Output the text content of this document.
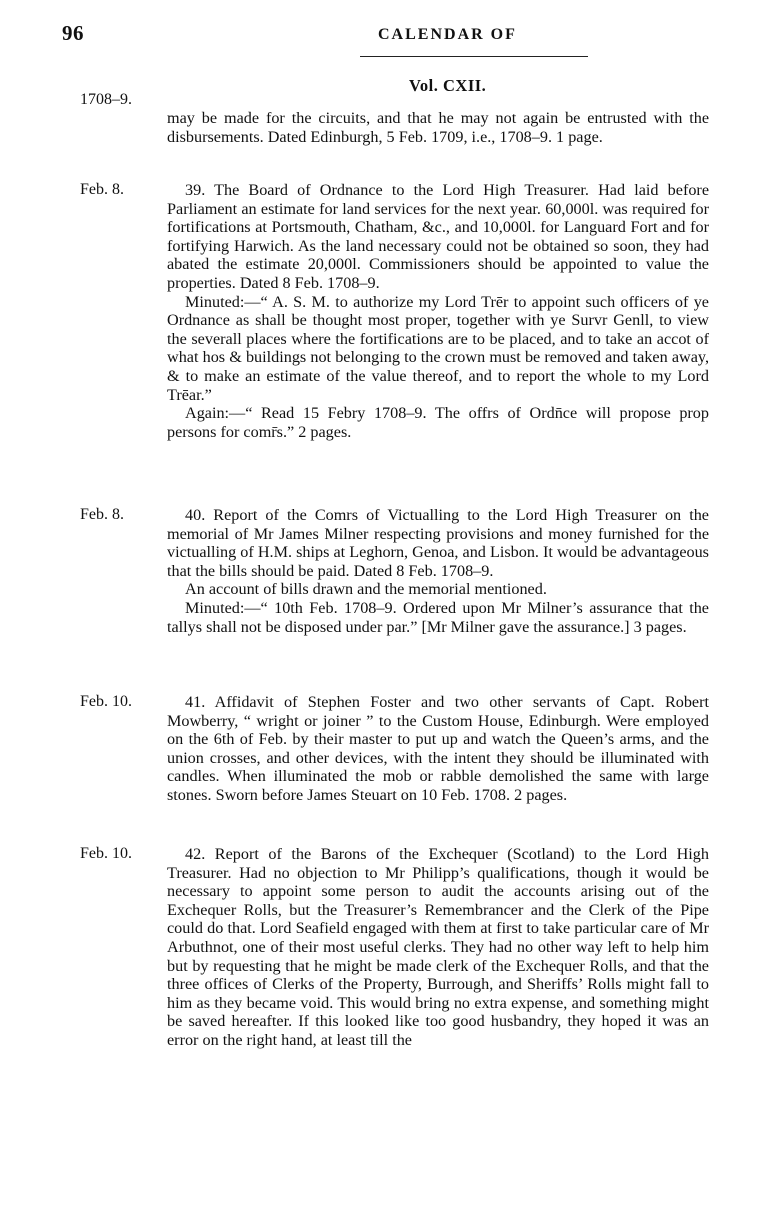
96	CALENDAR OF
Vol. CXII.
1708–9.

may be made for the circuits, and that he may not again be entrusted with the disbursements. Dated Edinburgh, 5 Feb. 1709, i.e., 1708–9. 1 page.

Feb. 8.	39. The Board of Ordnance to the Lord High Treasurer. Had laid before Parliament an estimate for land services for the next year. 60,000l. was required for fortifications at Portsmouth, Chatham, &c., and 10,000l. for Languard Fort and for fortifying Harwich. As the land necessary could not be obtained so soon, they had abated the estimate 20,000l. Commissioners should be appointed to value the properties. Dated 8 Feb. 1708–9.

Minuted:—“ A. S. M. to authorize my Lord Trēr to appoint such officers of ye Ordnance as shall be thought most proper, together with ye Survr Genll, to view the severall places where the fortifications are to be placed, and to take an accot of what hos & buildings not belonging to the crown must be removed and taken away, & to make an estimate of the value thereof, and to report the whole to my Lord Trēar.”

Again:—“ Read 15 Febry 1708–9. The offrs of Ordn̄ce will propose prop persons for comr̄s.” 2 pages.

Feb. 8.	40. Report of the Comrs of Victualling to the Lord High Treasurer on the memorial of Mr James Milner respecting provisions and money furnished for the victualling of H.M. ships at Leghorn, Genoa, and Lisbon. It would be advantageous that the bills should be paid. Dated 8 Feb. 1708–9.

An account of bills drawn and the memorial mentioned.

Minuted:—“ 10th Feb. 1708–9. Ordered upon Mr Milner’s assurance that the tallys shall not be disposed under par.” [Mr Milner gave the assurance.] 3 pages.

Feb. 10.	41. Affidavit of Stephen Foster and two other servants of Capt. Robert Mowberry, “ wright or joiner ” to the Custom House, Edinburgh. Were employed on the 6th of Feb. by their master to put up and watch the Queen’s arms, and the union crosses, and other devices, with the intent they should be illuminated with candles. When illuminated the mob or rabble demolished the same with large stones. Sworn before James Steuart on 10 Feb. 1708. 2 pages.

Feb. 10.	42. Report of the Barons of the Exchequer (Scotland) to the Lord High Treasurer. Had no objection to Mr Philipp’s qualifications, though it would be necessary to appoint some person to audit the accounts arising out of the Exchequer Rolls, but the Treasurer’s Remembrancer and the Clerk of the Pipe could do that. Lord Seafield engaged with them at first to take particular care of Mr Arbuthnot, one of their most useful clerks. They had no other way left to help him but by requesting that he might be made clerk of the Exchequer Rolls, and that the three offices of Clerks of the Property, Burrough, and Sheriffs’ Rolls might fall to him as they became void. This would bring no extra expense, and something might be saved hereafter. If this looked like too good husbandry, they hoped it was an error on the right hand, at least till the
